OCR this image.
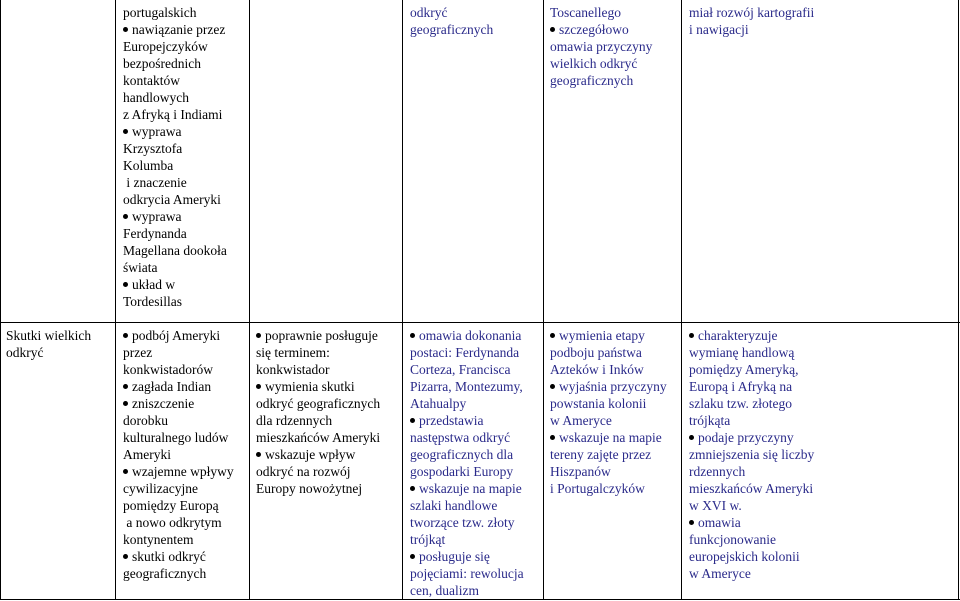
portugalskich
nawiązanie przez
Europejczyków
bezpośrednich
kontaktów
handlowych
z Afryką i Indiami
wyprawa
Krzysztofa
Kolumba
i znaczenie
odkrycia Ameryki
wyprawa
Ferdynanda
Magellana dookoła
świata
układ w
Tordesillas
odkryć
geograficznych
Toscanellego
szczegółowo
omawia przyczyny
wielkich odkryć
geograficznych
miał rozwój kartografii
i nawigacji
Skutki wielkich
odkryć
podbój Ameryki
przez
konkwistadorów
zagłada Indian
zniszczenie
dorobku
kulturalnego ludów
Ameryki
wzajemne wpływy
cywilizacyjne
pomiędzy Europą
a nowo odkrytym
kontynentem
skutki odkryć
geograficznych
poprawnie posługuje
się terminem:
konkwistador
wymienia skutki
odkryć geograficznych
dla rdzennych
mieszkańców Ameryki
wskazuje wpływ
odkryć na rozwój
Europy nowożytnej
omawia dokonania
postaci: Ferdynanda
Corteza, Francisca
Pizarra, Montezumy,
Atahualpy
przedstawia
następstwa odkryć
geograficznych dla
gospodarki Europy
wskazuje na mapie
szlaki handlowe
tworzące tzw. złoty
trójkąt
posługuje się
pojęciami: rewolucja
cen, dualizm
wymienia etapy
podboju państwa
Azteków i Inków
wyjaśnia przyczyny
powstania kolonii
w Ameryce
wskazuje na mapie
tereny zajęte przez
Hiszpanów
i Portugalczyków
charakteryzuje
wymianę handlową
pomiędzy Ameryką,
Europą i Afryką na
szlaku tzw. złotego
trójkąta
podaje przyczyny
zmniejszenia się liczby
rdzennych
mieszkańców Ameryki
w XVI w.
omawia
funkcjonowanie
europejskich kolonii
w Ameryce
